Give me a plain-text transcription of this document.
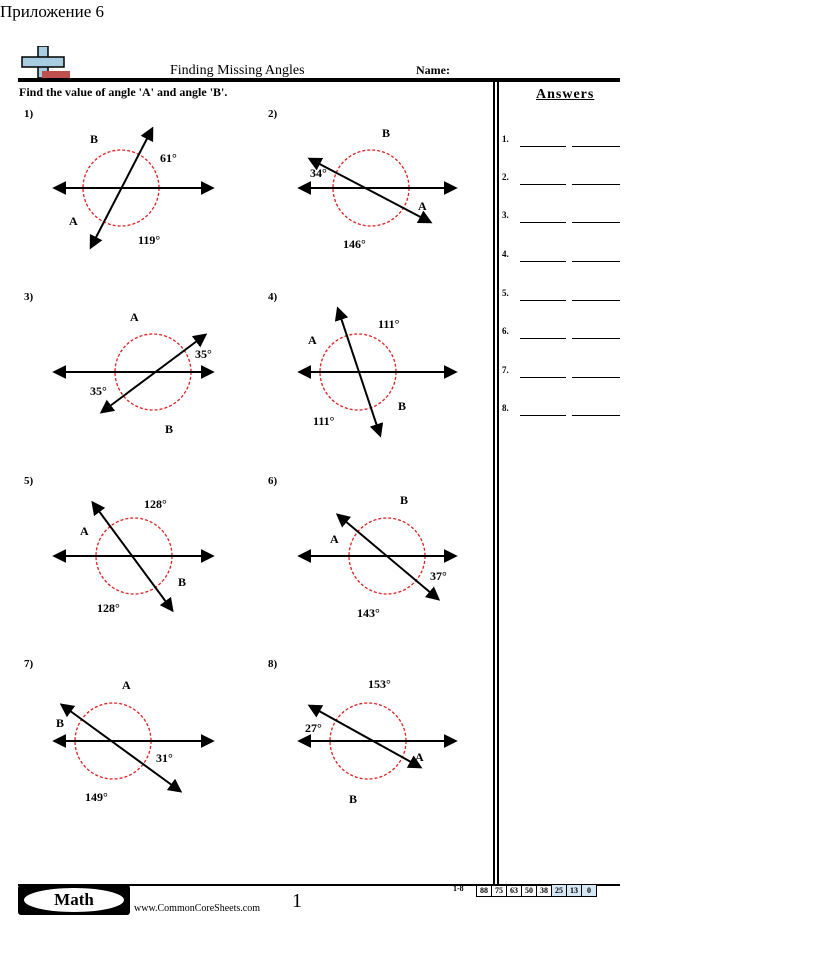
Приложение 6
Finding Missing Angles	Name:
Find the value of angle 'A' and angle 'B'.	Answers
1.
2.
3.
4.
5.
6.
7.
8.
1)	2)
3)	4)
5)	6)
7)	8)
B
61°
A
119°
B
34°
A
146°
A
35°
35°
B
111°
A
B
111°
128°
A
B
128°
B
A
37°
143°
A
B
31°
149°
153°
27°
A
B
Math	www.CommonCoreSheets.com 1
1-8 88	75	63	50	38	25	13	0
